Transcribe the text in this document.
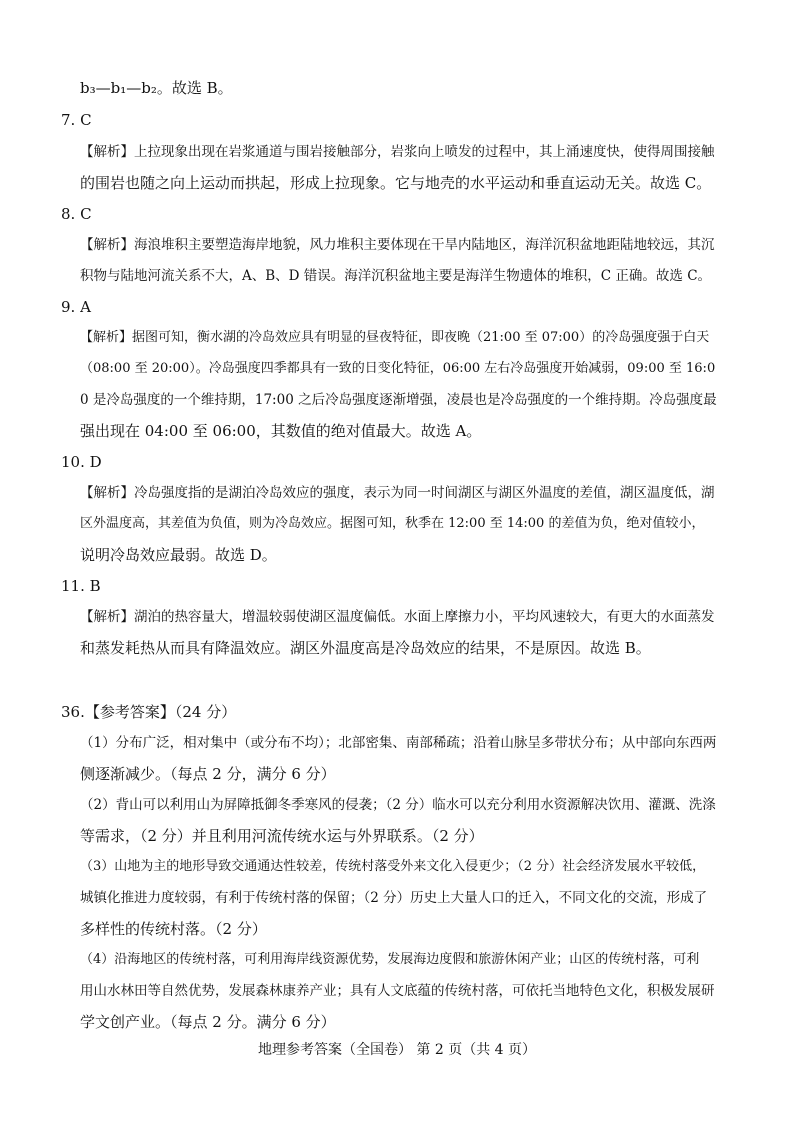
b₃—b₁—b₂。故选 B。
7. C
【解析】上拉现象出现在岩浆通道与围岩接触部分，岩浆向上喷发的过程中，其上涌速度快，使得周围接触
的围岩也随之向上运动而拱起，形成上拉现象。它与地壳的水平运动和垂直运动无关。故选 C。
8. C
【解析】海浪堆积主要塑造海岸地貌，风力堆积主要体现在干旱内陆地区，海洋沉积盆地距陆地较远，其沉
积物与陆地河流关系不大，A、B、D 错误。海洋沉积盆地主要是海洋生物遗体的堆积，C 正确。故选 C。
9. A
【解析】据图可知，衡水湖的冷岛效应具有明显的昼夜特征，即夜晚（21:00 至 07:00）的冷岛强度强于白天
（08:00 至 20:00）。冷岛强度四季都具有一致的日变化特征，06:00 左右冷岛强度开始减弱，09:00 至 16:0
0 是冷岛强度的一个维持期，17:00 之后冷岛强度逐渐增强，凌晨也是冷岛强度的一个维持期。冷岛强度最
强出现在 04:00 至 06:00，其数值的绝对值最大。故选 A。
10. D
【解析】冷岛强度指的是湖泊冷岛效应的强度，表示为同一时间湖区与湖区外温度的差值，湖区温度低，湖
区外温度高，其差值为负值，则为冷岛效应。据图可知，秋季在 12:00 至 14:00 的差值为负，绝对值较小，
说明冷岛效应最弱。故选 D。
11. B
【解析】湖泊的热容量大，增温较弱使湖区温度偏低。水面上摩擦力小，平均风速较大，有更大的水面蒸发
和蒸发耗热从而具有降温效应。湖区外温度高是冷岛效应的结果，不是原因。故选 B。
36.【参考答案】（24 分）
（1）分布广泛，相对集中（或分布不均）；北部密集、南部稀疏；沿着山脉呈多带状分布；从中部向东西两
侧逐渐减少。（每点 2 分，满分 6 分）
（2）背山可以利用山为屏障抵御冬季寒风的侵袭；（2 分）临水可以充分利用水资源解决饮用、灌溉、洗涤
等需求，（2 分）并且利用河流传统水运与外界联系。（2 分）
（3）山地为主的地形导致交通通达性较差，传统村落受外来文化入侵更少；（2 分）社会经济发展水平较低，
城镇化推进力度较弱，有利于传统村落的保留；（2 分）历史上大量人口的迁入，不同文化的交流，形成了
多样性的传统村落。（2 分）
（4）沿海地区的传统村落，可利用海岸线资源优势，发展海边度假和旅游休闲产业；山区的传统村落，可利
用山水林田等自然优势，发展森林康养产业；具有人文底蕴的传统村落，可依托当地特色文化，积极发展研
学文创产业。（每点 2 分。满分 6 分）
地理参考答案（全国卷） 第 2 页（共 4 页）
